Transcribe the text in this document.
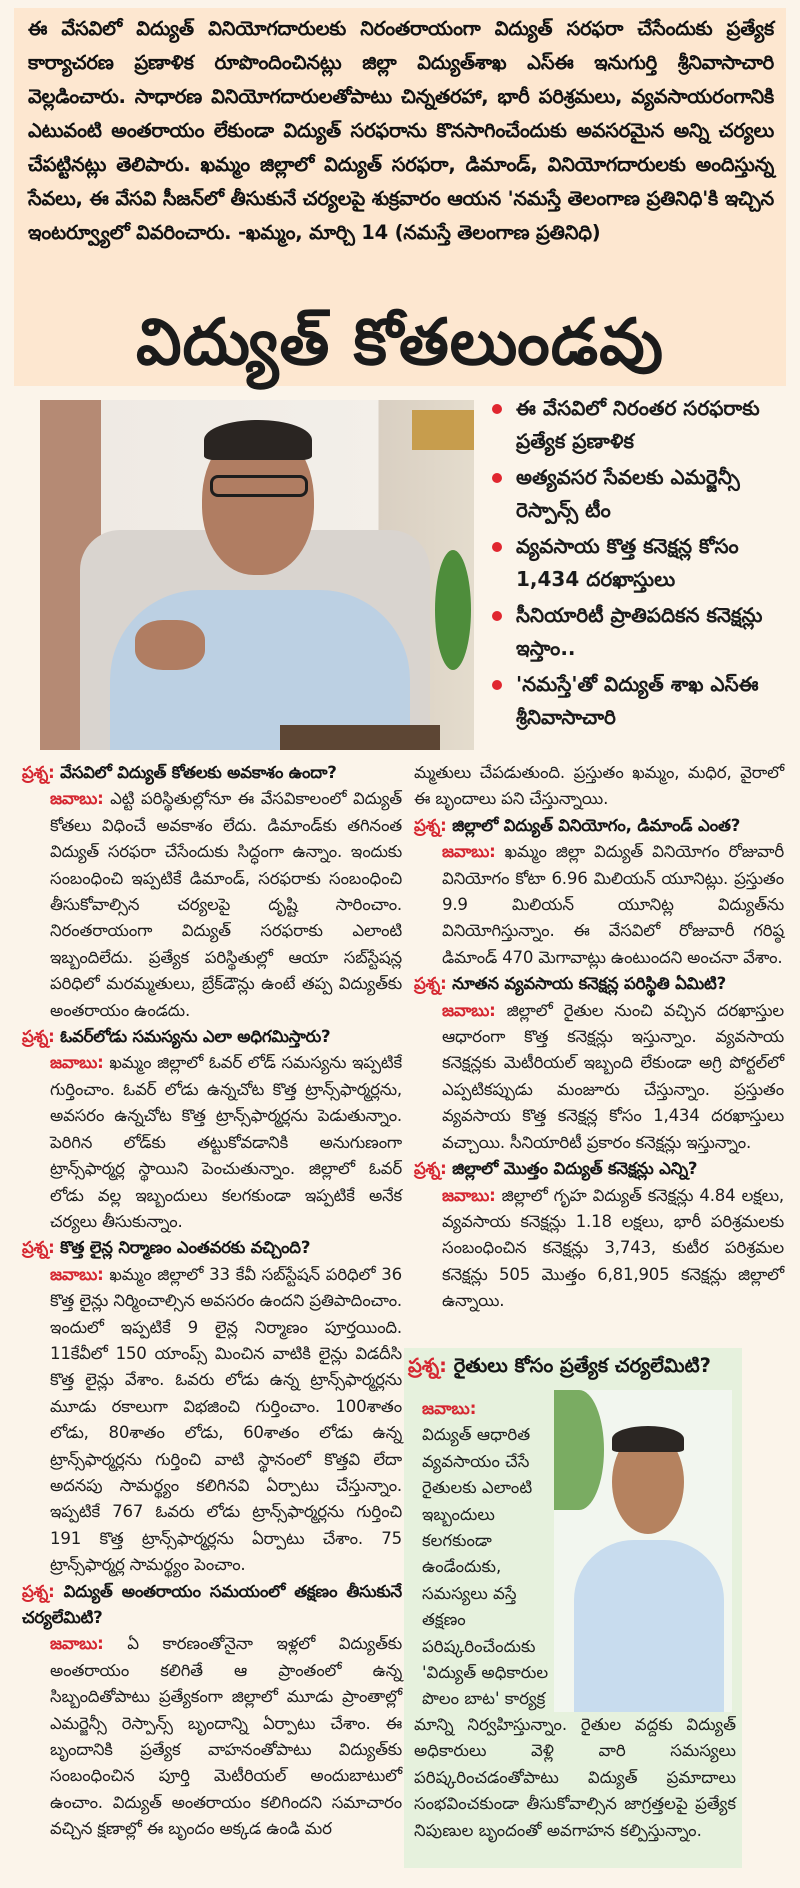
ఈ వేసవిలో విద్యుత్ వినియోగదారులకు నిరంతరాయంగా విద్యుత్ సరఫరా చేసేందుకు ప్రత్యేక కార్యాచరణ ప్రణాళిక రూపొందించినట్లు జిల్లా విద్యుత్‌శాఖ ఎస్‌ఈ ఇనుగుర్తి శ్రీనివాసాచారి వెల్లడించారు. సాధారణ వినియోగదారులతోపాటు చిన్నతరహా, భారీ పరిశ్రమలు, వ్యవసాయరంగానికి ఎటువంటి అంతరాయం లేకుండా విద్యుత్ సరఫరాను కొనసాగించేందుకు అవసరమైన అన్ని చర్యలు చేపట్టినట్లు తెలిపారు. ఖమ్మం జిల్లాలో విద్యుత్ సరఫరా, డిమాండ్, వినియోగదారులకు అందిస్తున్న సేవలు, ఈ వేసవి సీజన్‌లో తీసుకునే చర్యలపై శుక్రవారం ఆయన 'నమస్తే తెలంగాణ ప్రతినిధి'కి ఇచ్చిన ఇంటర్వ్యూలో వివరించారు. -ఖమ్మం, మార్చి 14 (నమస్తే తెలంగాణ ప్రతినిధి)

విద్యుత్ కోతలుండవు
ఈ వేసవిలో నిరంతర సరఫరాకు ప్రత్యేక ప్రణాళిక
అత్యవసర సేవలకు ఎమర్జెన్సీ రెస్పాన్స్ టీం
వ్యవసాయ కొత్త కనెక్షన్ల కోసం 1,434 దరఖాస్తులు
సీనియారిటీ ప్రాతిపదికన కనెక్షన్లు ఇస్తాం..
'నమస్తే'తో విద్యుత్ శాఖ ఎస్‌ఈ శ్రీనివాసాచారి
ప్రశ్న: వేసవిలో విద్యుత్ కోతలకు అవకాశం ఉందా?
జవాబు: ఎట్టి పరిస్థితుల్లోనూ ఈ వేసవికాలంలో విద్యుత్ కోతలు విధించే అవకాశం లేదు. డిమాండ్‌కు తగినంత విద్యుత్ సరఫరా చేసేందుకు సిద్ధంగా ఉన్నాం. ఇందుకు సంబంధించి ఇప్పటికే డిమాండ్, సరఫరాకు సంబంధించి తీసుకోవాల్సిన చర్యలపై దృష్టి సారించాం. నిరంతరాయంగా విద్యుత్ సరఫరాకు ఎలాంటి ఇబ్బందిలేదు. ప్రత్యేక పరిస్థితుల్లో ఆయా సబ్‌స్టేషన్ల పరిధిలో మరమ్మతులు, బ్రేక్‌డౌన్లు ఉంటే తప్ప విద్యుత్‌కు అంతరాయం ఉండదు.
ప్రశ్న: ఓవర్‌లోడు సమస్యను ఎలా అధిగమిస్తారు?
జవాబు: ఖమ్మం జిల్లాలో ఓవర్ లోడ్ సమస్యను ఇప్పటికే గుర్తించాం. ఓవర్ లోడు ఉన్నచోట కొత్త ట్రాన్స్‌ఫార్మర్లను, అవసరం ఉన్నచోట కొత్త ట్రాన్స్‌ఫార్మర్లను పెడుతున్నాం. పెరిగిన లోడ్‌కు తట్టుకోవడానికి అనుగుణంగా ట్రాన్స్‌ఫార్మర్ల స్థాయిని పెంచుతున్నాం. జిల్లాలో ఓవర్ లోడు వల్ల ఇబ్బందులు కలగకుండా ఇప్పటికే అనేక చర్యలు తీసుకున్నాం.
ప్రశ్న: కొత్త లైన్ల నిర్మాణం ఎంతవరకు వచ్చింది?
జవాబు: ఖమ్మం జిల్లాలో 33 కేవీ సబ్‌స్టేషన్ పరిధిలో 36 కొత్త లైన్లు నిర్మించాల్సిన అవసరం ఉందని ప్రతిపాదించాం. ఇందులో ఇప్పటికే 9 లైన్ల నిర్మాణం పూర్తయింది. 11కేవీలో 150 యాంప్స్ మించిన వాటికి లైన్లు విడదీసి కొత్త లైన్లు వేశాం. ఓవరు లోడు ఉన్న ట్రాన్స్‌ఫార్మర్లను మూడు రకాలుగా విభజించి గుర్తించాం. 100శాతం లోడు, 80శాతం లోడు, 60శాతం లోడు ఉన్న ట్రాన్స్‌ఫార్మర్లను గుర్తించి వాటి స్థానంలో కొత్తవి లేదా అదనపు సామర్థ్యం కలిగినవి ఏర్పాటు చేస్తున్నాం. ఇప్పటికే 767 ఓవరు లోడు ట్రాన్స్‌ఫార్మర్లను గుర్తించి 191 కొత్త ట్రాన్స్‌ఫార్మర్లను ఏర్పాటు చేశాం. 75 ట్రాన్స్‌ఫార్మర్ల సామర్థ్యం పెంచాం.
ప్రశ్న: విద్యుత్ అంతరాయం సమయంలో తక్షణం తీసుకునే చర్యలేమిటి?
జవాబు: ఏ కారణంతోనైనా ఇళ్లలో విద్యుత్‌కు అంతరాయం కలిగితే ఆ ప్రాంతంలో ఉన్న సిబ్బందితోపాటు ప్రత్యేకంగా జిల్లాలో మూడు ప్రాంతాల్లో ఎమర్జెన్సీ రెస్పాన్స్ బృందాన్ని ఏర్పాటు చేశాం. ఈ బృందానికి ప్రత్యేక వాహనంతోపాటు విద్యుత్‌కు సంబంధించిన పూర్తి మెటీరియల్ అందుబాటులో ఉంచాం. విద్యుత్ అంతరాయం కలిగిందని సమాచారం వచ్చిన క్షణాల్లో ఈ బృందం అక్కడ ఉండి మర
మ్మతులు చేపడుతుంది. ప్రస్తుతం ఖమ్మం, మధిర, వైరాలో ఈ బృందాలు పని చేస్తున్నాయి.
ప్రశ్న: జిల్లాలో విద్యుత్ వినియోగం, డిమాండ్ ఎంత?
జవాబు: ఖమ్మం జిల్లా విద్యుత్ వినియోగం రోజువారీ వినియోగం కోటా 6.96 మిలియన్ యూనిట్లు. ప్రస్తుతం 9.9 మిలియన్ యూనిట్ల విద్యుత్‌ను వినియోగిస్తున్నాం. ఈ వేసవిలో రోజువారీ గరిష్ఠ డిమాండ్ 470 మెగావాట్లు ఉంటుందని అంచనా వేశాం.
ప్రశ్న: నూతన వ్యవసాయ కనెక్షన్ల పరిస్థితి ఏమిటి?
జవాబు: జిల్లాలో రైతుల నుంచి వచ్చిన దరఖాస్తుల ఆధారంగా కొత్త కనెక్షన్లు ఇస్తున్నాం. వ్యవసాయ కనెక్షన్లకు మెటీరియల్ ఇబ్బంది లేకుండా అగ్రి పోర్టల్‌లో ఎప్పటికప్పుడు మంజూరు చేస్తున్నాం. ప్రస్తుతం వ్యవసాయ కొత్త కనెక్షన్ల కోసం 1,434 దరఖాస్తులు వచ్చాయి. సీనియారిటీ ప్రకారం కనెక్షన్లు ఇస్తున్నాం.
ప్రశ్న: జిల్లాలో మొత్తం విద్యుత్ కనెక్షన్లు ఎన్ని?
జవాబు: జిల్లాలో గృహ విద్యుత్ కనెక్షన్లు 4.84 లక్షలు, వ్యవసాయ కనెక్షన్లు 1.18 లక్షలు, భారీ పరిశ్రమలకు సంబంధించిన కనెక్షన్లు 3,743, కుటీర పరిశ్రమల కనెక్షన్లు 505 మొత్తం 6,81,905 కనెక్షన్లు జిల్లాలో ఉన్నాయి.
ప్రశ్న: రైతులు కోసం ప్రత్యేక చర్యలేమిటి?
జవాబు:
విద్యుత్ ఆధారిత వ్యవసాయం చేసే రైతులకు ఎలాంటి ఇబ్బందులు కలగకుండా ఉండేందుకు, సమస్యలు వస్తే తక్షణం పరిష్కరించేందుకు 'విద్యుత్ అధికారుల పొలం బాట' కార్యక్ర
మాన్ని నిర్వహిస్తున్నాం. రైతుల వద్దకు విద్యుత్ అధికారులు వెళ్లి వారి సమస్యలు పరిష్కరించడంతోపాటు విద్యుత్ ప్రమాదాలు సంభవించకుండా తీసుకోవాల్సిన జాగ్రత్తలపై ప్రత్యేక నిపుణుల బృందంతో అవగాహన కల్పిస్తున్నాం.
